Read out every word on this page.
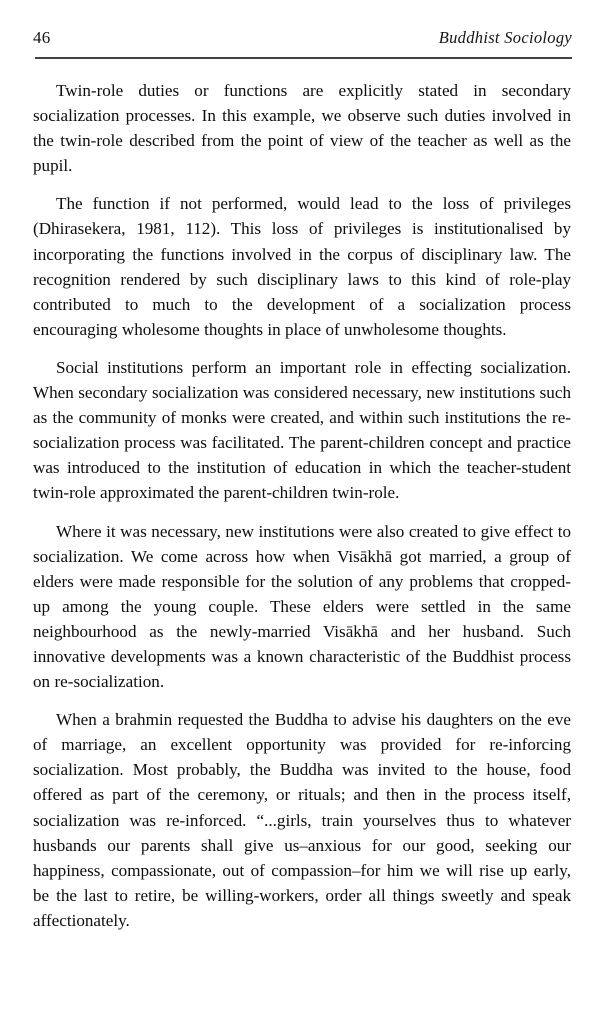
46	Buddhist Sociology

Twin-role duties or functions are explicitly stated in secondary socialization processes. In this example, we observe such duties involved in the twin-role described from the point of view of the teacher as well as the pupil.

The function if not performed, would lead to the loss of privileges (Dhirasekera, 1981, 112). This loss of privileges is institutionalised by incorporating the functions involved in the corpus of disciplinary law. The recognition rendered by such disciplinary laws to this kind of role-play contributed to much to the development of a socialization process encouraging wholesome thoughts in place of unwholesome thoughts.

Social institutions perform an important role in effecting socialization. When secondary socialization was considered necessary, new institutions such as the community of monks were created, and within such institutions the re-socialization process was facilitated. The parent-children concept and practice was introduced to the institution of education in which the teacher-student twin-role approximated the parent-children twin-role.

Where it was necessary, new institutions were also created to give effect to socialization. We come across how when Visākhā got married, a group of elders were made responsible for the solution of any problems that cropped-up among the young couple. These elders were settled in the same neighbourhood as the newly-married Visākhā and her husband. Such innovative developments was a known characteristic of the Buddhist process on re-socialization.

When a brahmin requested the Buddha to advise his daughters on the eve of marriage, an excellent opportunity was provided for re-inforcing socialization. Most probably, the Buddha was invited to the house, food offered as part of the ceremony, or rituals; and then in the process itself, socialization was re-inforced. “...girls, train yourselves thus to whatever husbands our parents shall give us–anxious for our good, seeking our happiness, compassionate, out of compassion–for him we will rise up early, be the last to retire, be willing-workers, order all things sweetly and speak affectionately.
